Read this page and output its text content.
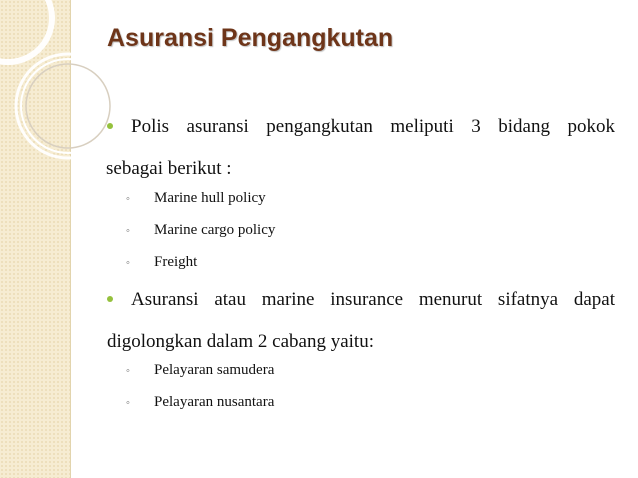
Asuransi Pengangkutan

Polis asuransi pengangkutan meliputi 3 bidang pokok
sebagai berikut :

◦ Marine hull policy
◦ Marine cargo policy
◦ Freight

Asuransi atau marine insurance menurut sifatnya dapat
digolongkan dalam 2 cabang yaitu:

◦ Pelayaran samudera
◦ Pelayaran nusantara
